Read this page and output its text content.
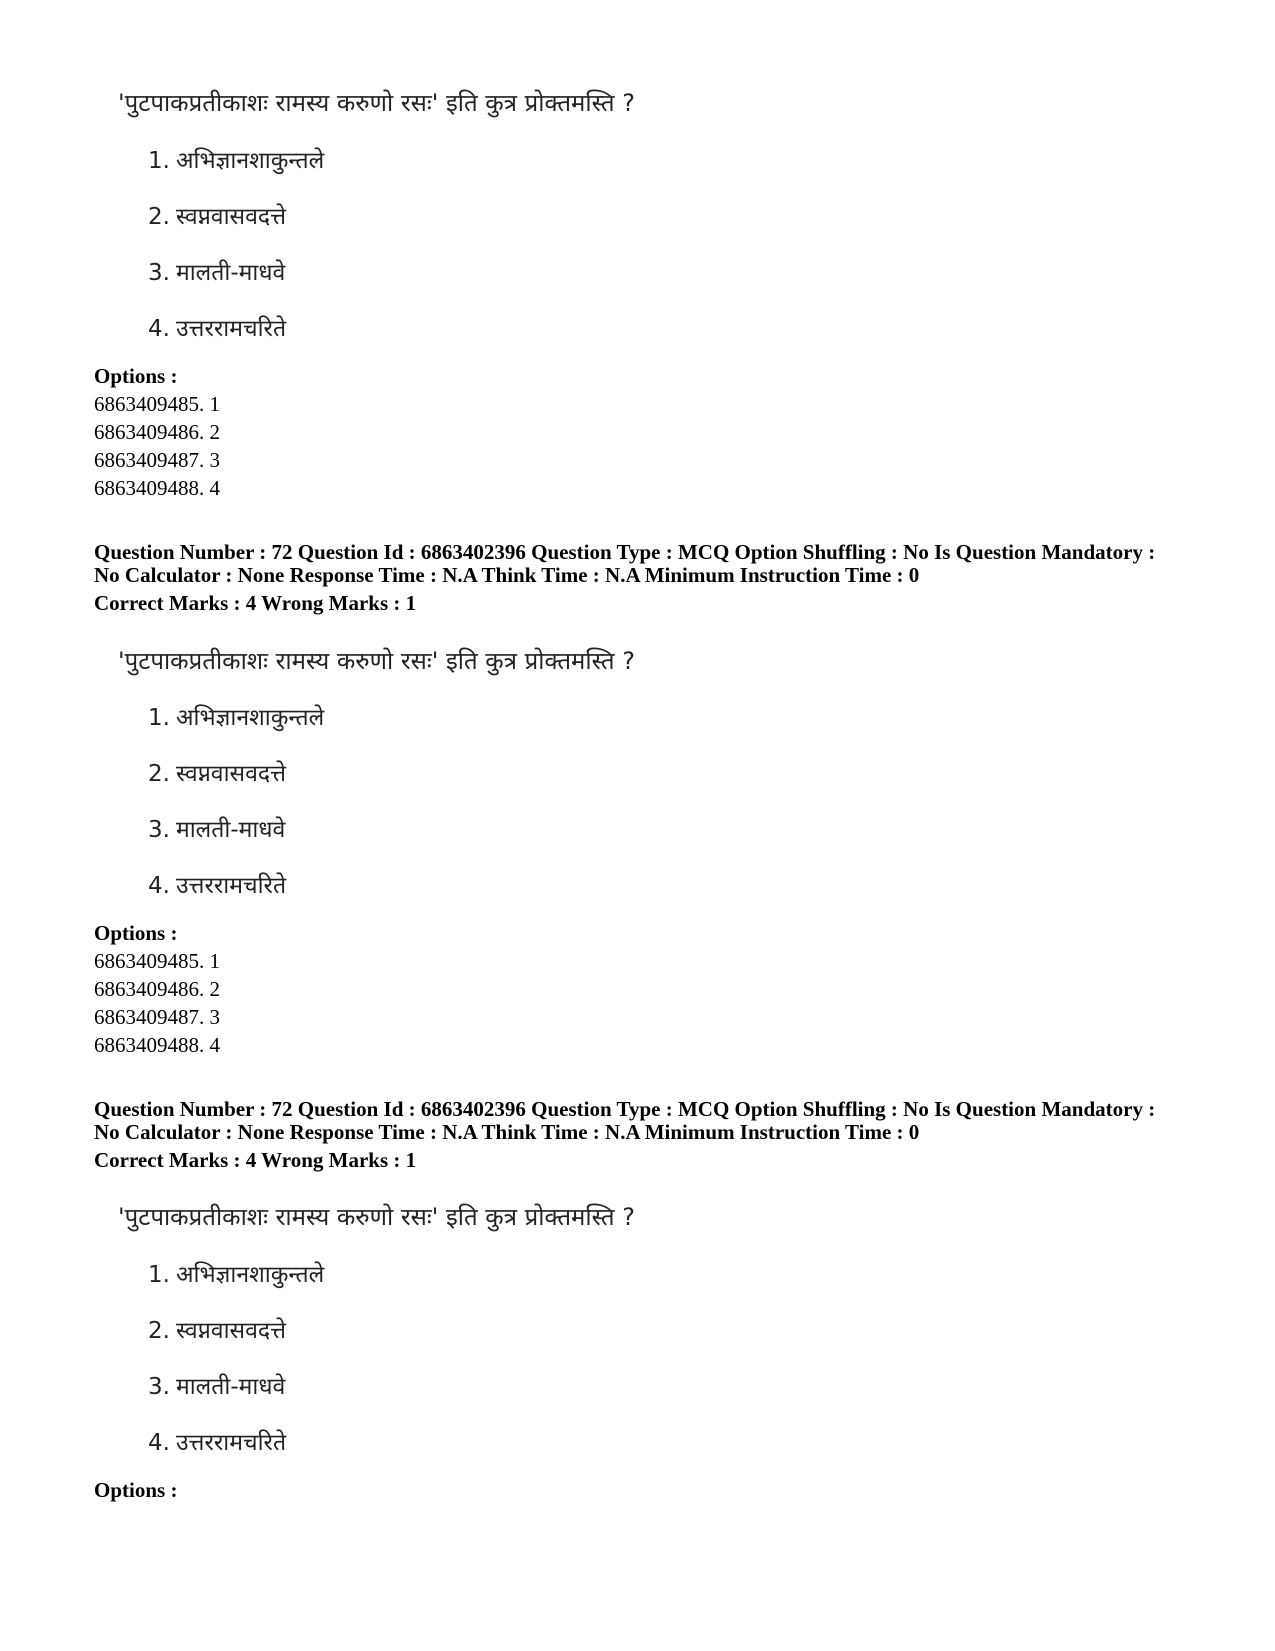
'पुटपाकप्रतीकाशः रामस्य करुणो रसः' इति कुत्र प्रोक्तमस्ति ?
1. अभिज्ञानशाकुन्तले
2. स्वप्नवासवदत्ते
3. मालती-माधवे
4. उत्तररामचरिते
Options :
6863409485. 1
6863409486. 2
6863409487. 3
6863409488. 4
Question Number : 72 Question Id : 6863402396 Question Type : MCQ Option Shuffling : No Is Question Mandatory :
No Calculator : None Response Time : N.A Think Time : N.A Minimum Instruction Time : 0
Correct Marks : 4 Wrong Marks : 1
'पुटपाकप्रतीकाशः रामस्य करुणो रसः' इति कुत्र प्रोक्तमस्ति ?
1. अभिज्ञानशाकुन्तले
2. स्वप्नवासवदत्ते
3. मालती-माधवे
4. उत्तररामचरिते
Options :
6863409485. 1
6863409486. 2
6863409487. 3
6863409488. 4
Question Number : 72 Question Id : 6863402396 Question Type : MCQ Option Shuffling : No Is Question Mandatory :
No Calculator : None Response Time : N.A Think Time : N.A Minimum Instruction Time : 0
Correct Marks : 4 Wrong Marks : 1
'पुटपाकप्रतीकाशः रामस्य करुणो रसः' इति कुत्र प्रोक्तमस्ति ?
1. अभिज्ञानशाकुन्तले
2. स्वप्नवासवदत्ते
3. मालती-माधवे
4. उत्तररामचरिते
Options :
